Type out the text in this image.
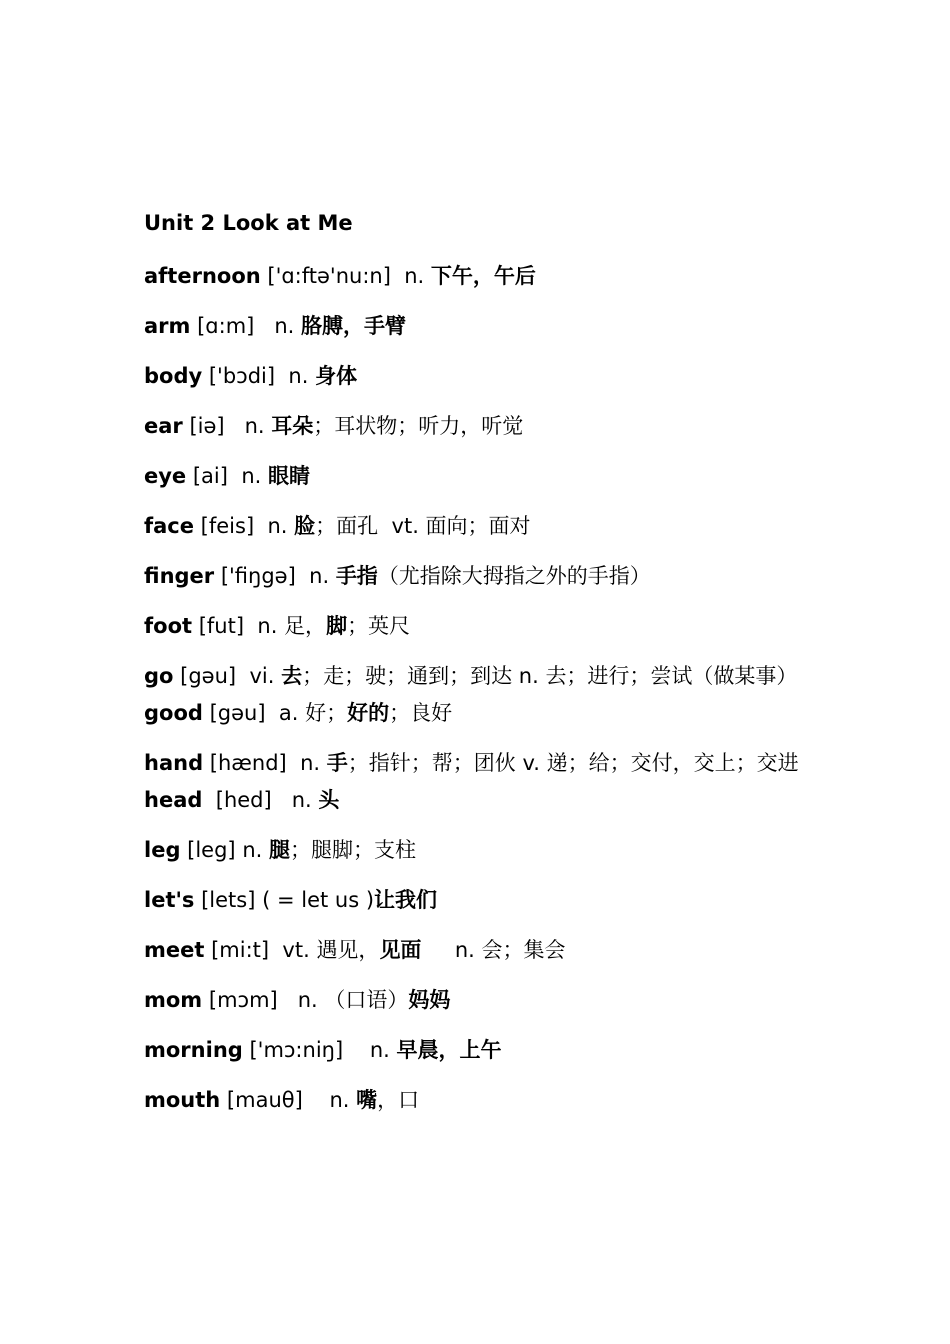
Unit 2 Look at Me
afternoon ['ɑ:ftə'nu:n]  n. 下午，午后
arm [ɑ:m]   n. 胳膊，手臂
body ['bɔdi]  n. 身体
ear [iə]   n. 耳朵；耳状物；听力，听觉
eye [ai]  n. 眼睛
face [feis]  n. 脸；面孔  vt. 面向；面对
finger ['fiŋgə]  n. 手指（尤指除大拇指之外的手指）
foot [fut]  n. 足，脚；英尺
go [gəu]  vi. 去；走；驶；通到；到达 n. 去；进行；尝试（做某事）
good [gəu]  a. 好；好的；良好
hand [hænd]  n. 手；指针；帮；团伙 v. 递；给；交付，交上；交进
head  [hed]   n. 头
leg [leg] n. 腿；腿脚；支柱
let's [lets] ( = let us )让我们
meet [mi:t]  vt. 遇见，见面 n. 会；集会
mom [mɔm]   n. （口语）妈妈
morning ['mɔ:niŋ]    n. 早晨，上午
mouth [mauθ]    n. 嘴，口
